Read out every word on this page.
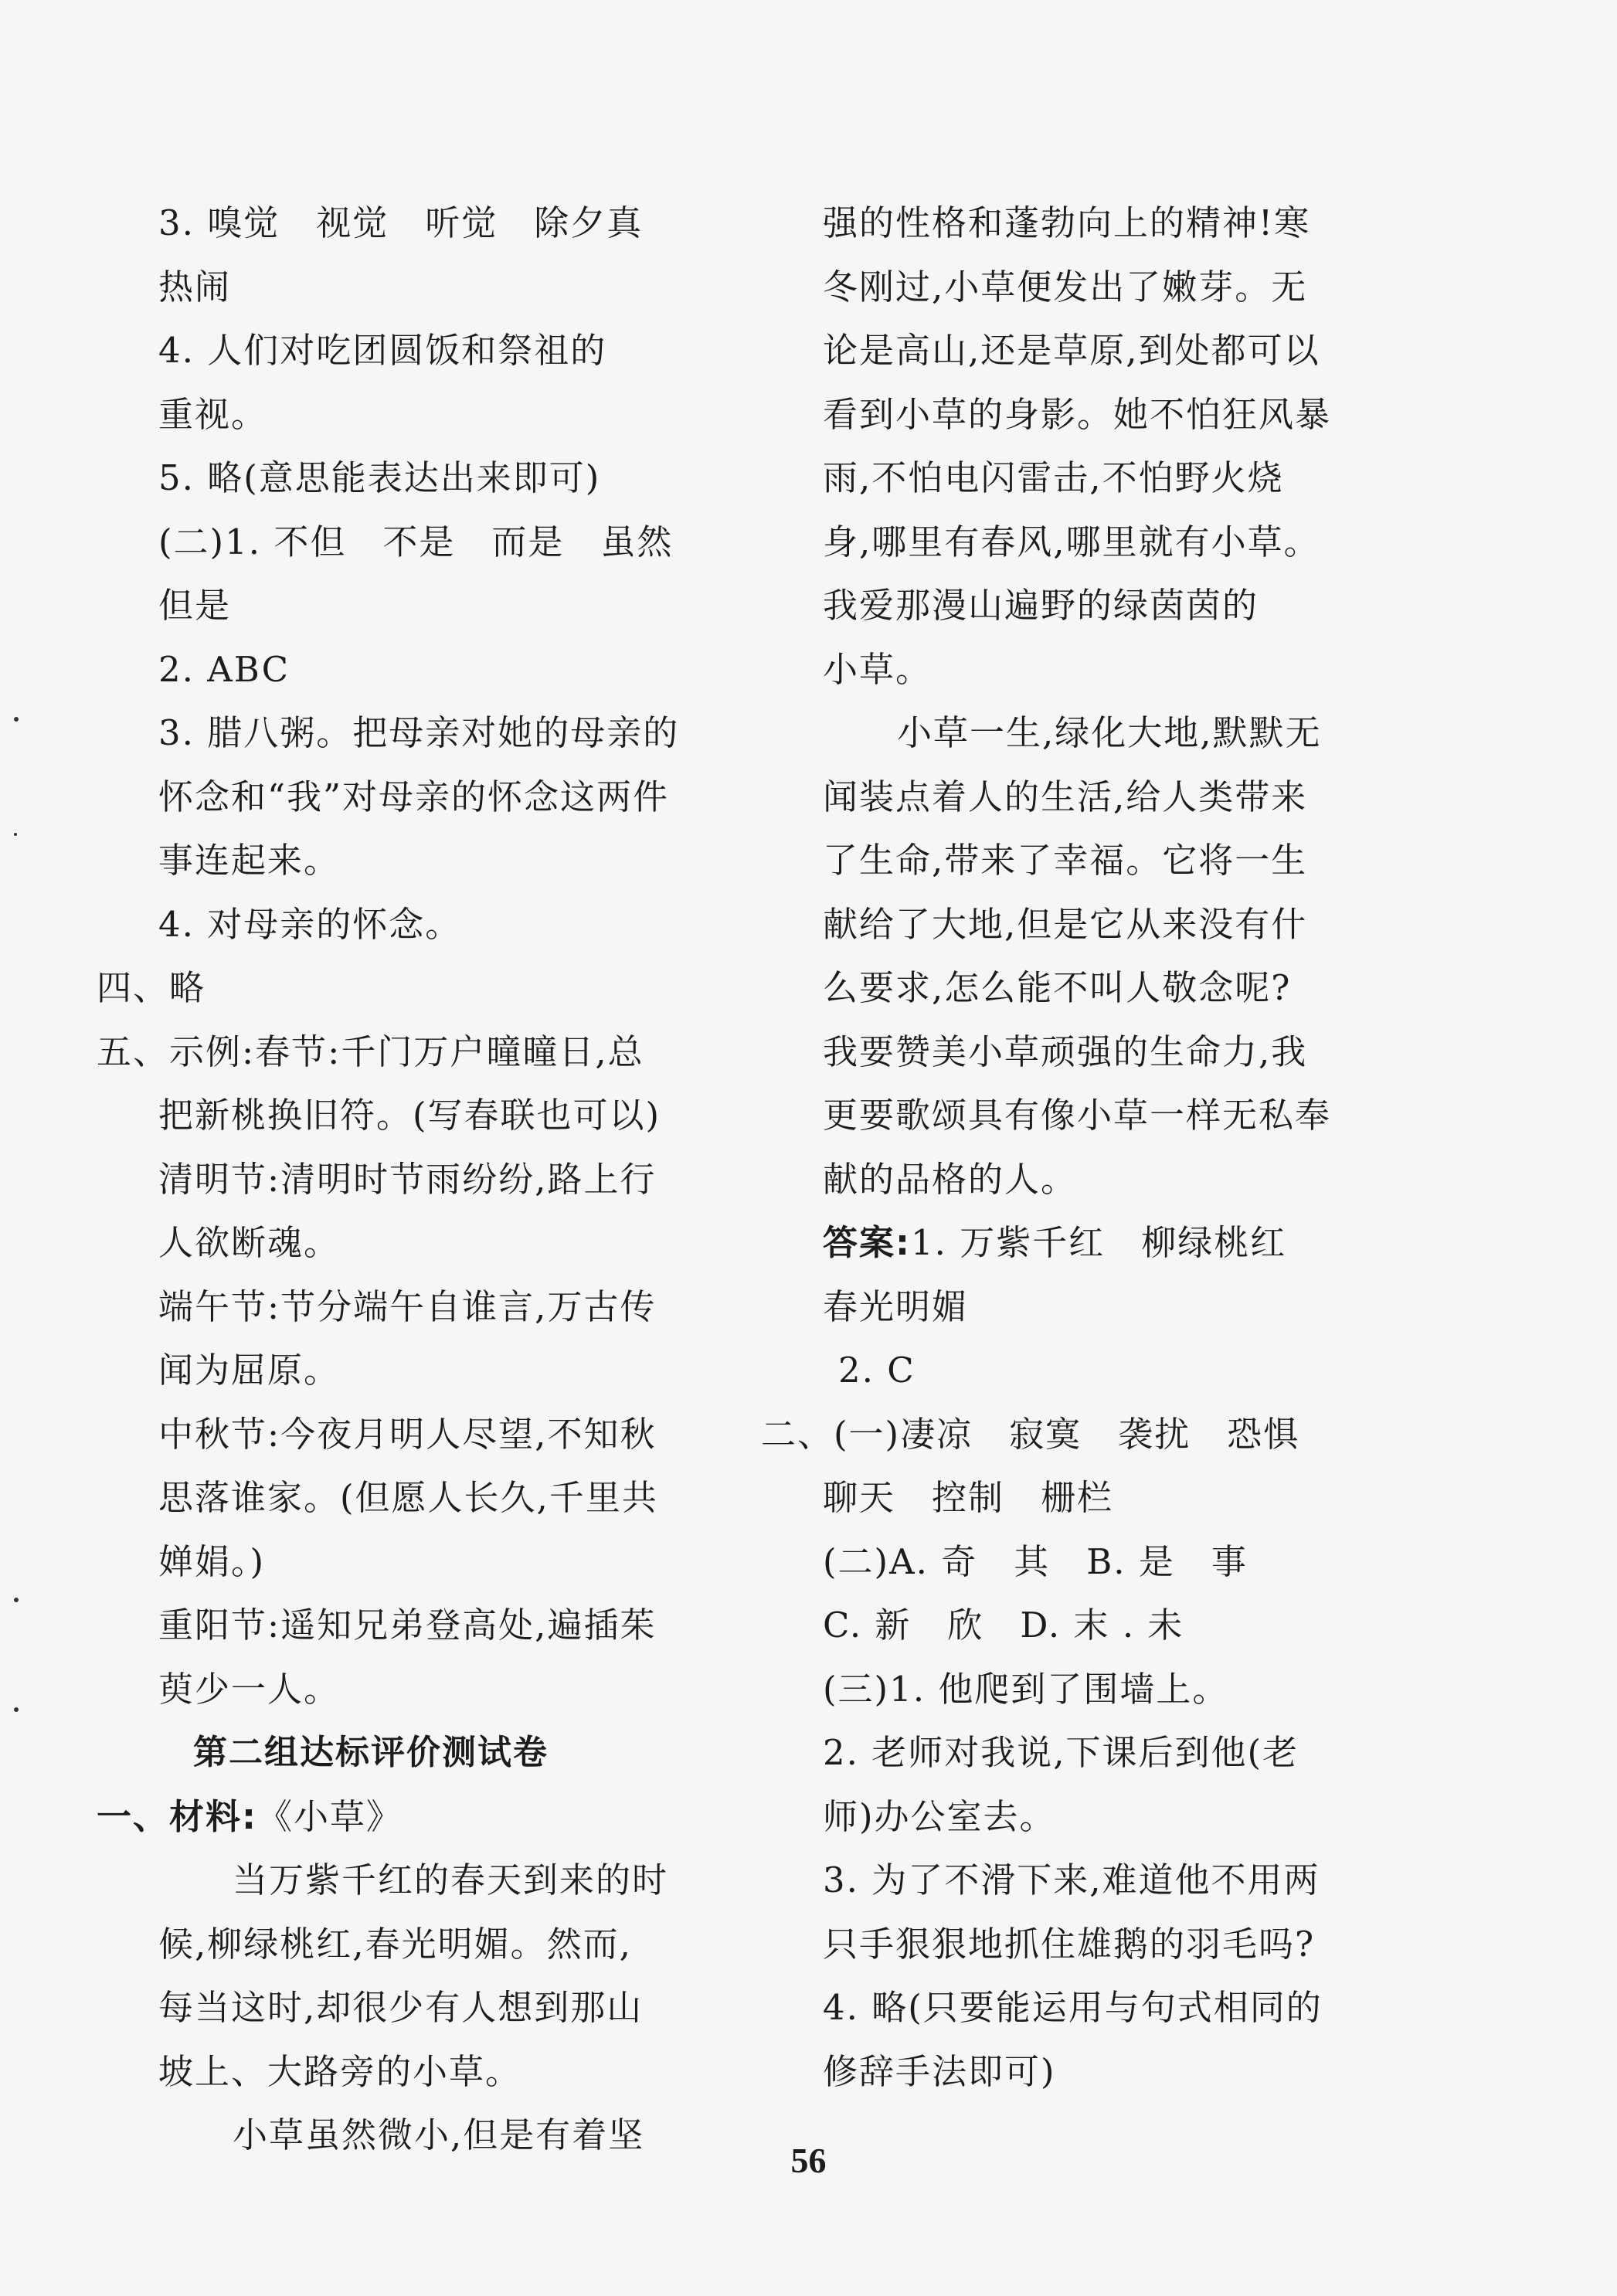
3. 嗅觉　视觉　听觉　除夕真
热闹
4. 人们对吃团圆饭和祭祖的
重视。
5. 略(意思能表达出来即可)
(二)1. 不但　不是　而是　虽然
但是
2. ABC
3. 腊八粥。把母亲对她的母亲的
怀念和“我”对母亲的怀念这两件
事连起来。
4. 对母亲的怀念。
四、略
五、示例:春节:千门万户曈曈日,总
把新桃换旧符。(写春联也可以)
清明节:清明时节雨纷纷,路上行
人欲断魂。
端午节:节分端午自谁言,万古传
闻为屈原。
中秋节:今夜月明人尽望,不知秋
思落谁家。(但愿人长久,千里共
婵娟。)
重阳节:遥知兄弟登高处,遍插茱
萸少一人。
第二组达标评价测试卷
一、材料:《小草》
当万紫千红的春天到来的时
候,柳绿桃红,春光明媚。然而,
每当这时,却很少有人想到那山
坡上、大路旁的小草。
小草虽然微小,但是有着坚
强的性格和蓬勃向上的精神!寒
冬刚过,小草便发出了嫩芽。无
论是高山,还是草原,到处都可以
看到小草的身影。她不怕狂风暴
雨,不怕电闪雷击,不怕野火烧
身,哪里有春风,哪里就有小草。
我爱那漫山遍野的绿茵茵的
小草。
小草一生,绿化大地,默默无
闻装点着人的生活,给人类带来
了生命,带来了幸福。它将一生
献给了大地,但是它从来没有什
么要求,怎么能不叫人敬念呢?
我要赞美小草顽强的生命力,我
更要歌颂具有像小草一样无私奉
献的品格的人。
答案:1. 万紫千红　柳绿桃红
春光明媚
2. C
二、(一)凄凉　寂寞　袭扰　恐惧
聊天　控制　栅栏
(二)A. 奇　其　B. 是　事
C. 新　欣　D. 末 . 未
(三)1. 他爬到了围墙上。
2. 老师对我说,下课后到他(老
师)办公室去。
3. 为了不滑下来,难道他不用两
只手狠狠地抓住雄鹅的羽毛吗?
4. 略(只要能运用与句式相同的
修辞手法即可)
56
